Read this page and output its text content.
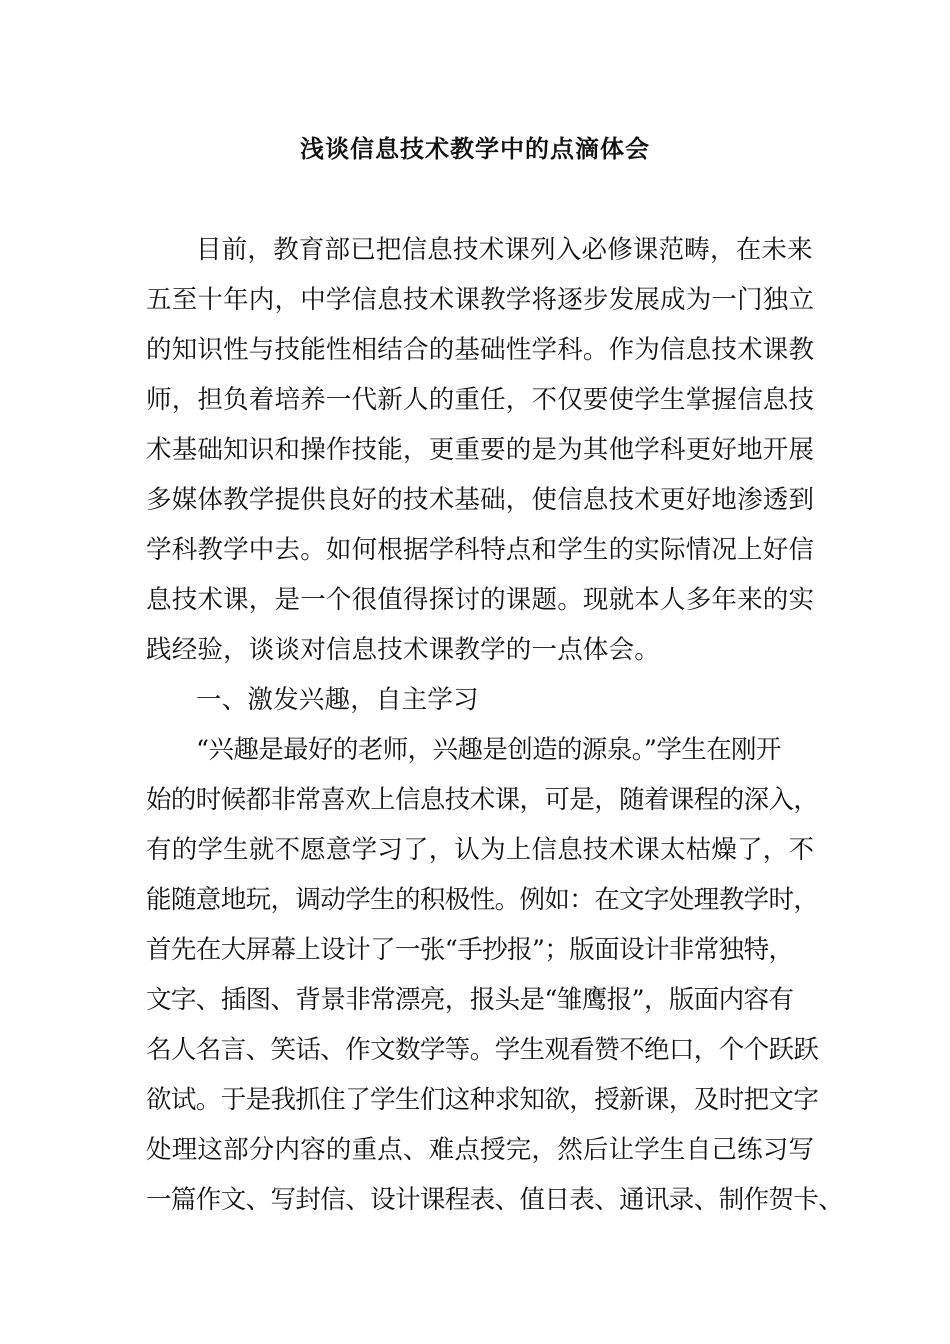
浅谈信息技术教学中的点滴体会
目前，教育部已把信息技术课列入必修课范畴，在未来
五至十年内，中学信息技术课教学将逐步发展成为一门独立
的知识性与技能性相结合的基础性学科。作为信息技术课教
师，担负着培养一代新人的重任，不仅要使学生掌握信息技
术基础知识和操作技能，更重要的是为其他学科更好地开展
多媒体教学提供良好的技术基础，使信息技术更好地渗透到
学科教学中去。如何根据学科特点和学生的实际情况上好信
息技术课，是一个很值得探讨的课题。现就本人多年来的实
践经验，谈谈对信息技术课教学的一点体会。
一、激发兴趣，自主学习
“兴趣是最好的老师，兴趣是创造的源泉。”学生在刚开
始的时候都非常喜欢上信息技术课，可是，随着课程的深入，
有的学生就不愿意学习了，认为上信息技术课太枯燥了，不
能随意地玩，调动学生的积极性。例如：在文字处理教学时，
首先在大屏幕上设计了一张“手抄报”；版面设计非常独特，
文字、插图、背景非常漂亮，报头是“雏鹰报”，版面内容有
名人名言、笑话、作文数学等。学生观看赞不绝口，个个跃跃
欲试。于是我抓住了学生们这种求知欲，授新课，及时把文字
处理这部分内容的重点、难点授完，然后让学生自己练习写
一篇作文、写封信、设计课程表、值日表、通讯录、制作贺卡、
